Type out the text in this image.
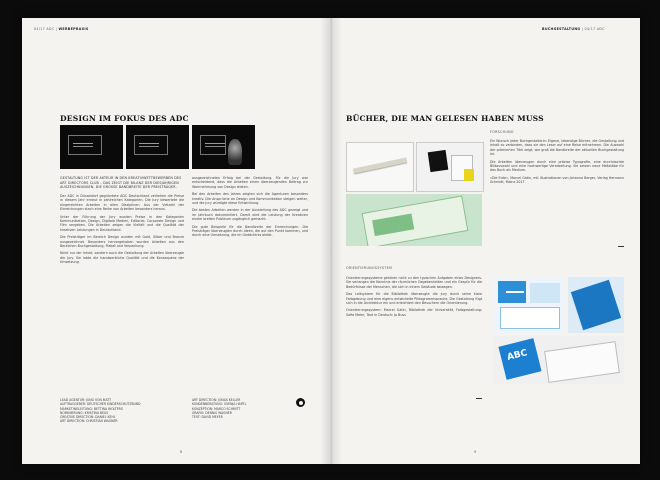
04/17 ADC | WERBEPRAXIS
DESIGN IM FOKUS DES ADC
GESTALTUNG IST DER AKTEUR IN DEN KREATIVWETTBEWERBEN DES ART DIRECTORS CLUB – DAS ZEIGT DIE BILANZ DER DIESJÄHRIGEN AUSZEICHNUNGEN, DIE GROSSE BANDBREITE DER PREISTRÄGER.

Der ADC in Düsseldorf gegründete ADC Deutschland verliehen die Preise in diesem Jahr erneut in zahlreichen Kategorien. Die Jury bewertete die eingereichten Arbeiten in allen Disziplinen. Aus der Vielzahl der Einreichungen stach eine Reihe von Arbeiten besonders heraus.

Unter der Führung der Jury wurden Preise in den Kategorien Kommunikation, Design, Digitale Medien, Editorial, Corporate Design und Film vergeben. Die Arbeiten zeigen die Vielfalt und die Qualität der kreativen Leistungen in Deutschland.

Die Preisträger im Bereich Design wurden mit Gold, Silber und Bronze ausgezeichnet. Besonders hervorgehoben wurden Arbeiten aus den Bereichen Buchgestaltung, Plakat und Verpackung.

Nicht nur der Inhalt, sondern auch die Gestaltung der Arbeiten überzeugte die Jury. Sie lobte die handwerkliche Qualität und die Konsequenz der Umsetzung.

ausgezeichneten Erfolg bei der Gestaltung. Für die Jury war entscheidend, dass die Arbeiten einen überzeugenden Beitrag zur Wahrnehmung von Design leisten.

Bei den Arbeiten des Jahres zeigten sich die Agenturen besonders kreativ. Die Ansprüche an Design und Kommunikation steigen weiter, und die Jury würdigte diese Entwicklung.

Die besten Arbeiten werden in der Ausstellung des ADC gezeigt und im Jahrbuch dokumentiert. Damit wird die Leistung der Kreativen einem breiten Publikum zugänglich gemacht.

Die gute Beispiele für die Bandbreite der Einreichungen. Die Preisträger überzeugten durch Ideen, die auf den Punkt kommen, und durch eine Umsetzung, die im Gedächtnis bleibt.

LEAD AGENTUR: JUNG VON MATT

AUFTRAGGEBER: DEUTSCHER KINDERSCHUTZBUND

MARKETINGLEITUNG: BETTINA WOLTERS

NOMINIERUNG: KRISTINA BEUS

CREATIVE DIRECTION: DANIEL KEHL

ART DIRECTION: CHRISTIAN WAGNER

ART DIRECTION: JONAS KELLER

KUNDENBERATUNG: SVENJA HARTL

KONZEPTION: MARCO SCHMITT

GRAFIK: DENNIS WAGNER

TEXT: DAVID MEYER

8
BUCHGESTALTUNG | 04/17 ADC
BÜCHER, DIE MAN GELESEN HABEN MUSS
FORSCHUNG

Ein Wunsch jeder Buchgestalterin: Eigene, lebendige Bücher, die Gestaltung und Inhalt so verbinden, dass sie den Leser auf eine Reise mitnehmen. Die Auswahl der prämierten Titel zeigt, wie groß die Bandbreite der aktuellen Buchgestaltung ist.

Die Arbeiten überzeugen durch eine präzise Typografie, eine durchdachte Bildauswahl und eine hochwertige Verarbeitung. Sie setzen neue Maßstäbe für das Buch als Medium.

»Die Erde«, Marcel Gatin, mit Illustrationen von Johanna Berger, Verlag Hermann Schmidt, Mainz 2017

ORIENTIERUNGSSYSTEM

Orientierungssysteme gehören nicht zu den typischen Aufgaben eines Designers. Sie verlangen die Kenntnis der räumlichen Gegebenheiten und ein Gespür für die Bedürfnisse der Menschen, die sich in einem Gebäude bewegen.

Das Leitsystem für die Bibliothek überzeugte die Jury durch seine klare Farbgebung und eine eigens entwickelte Piktogrammsprache. Die Gestaltung fügt sich in die Architektur ein und erleichtert den Besuchern die Orientierung.

Orientierungssystem: Marcel Gatin, Bibliothek der Universität, Farbgestaltung: Sofia Meier, Text in Deutsch: Jo Buss

ABC
9
